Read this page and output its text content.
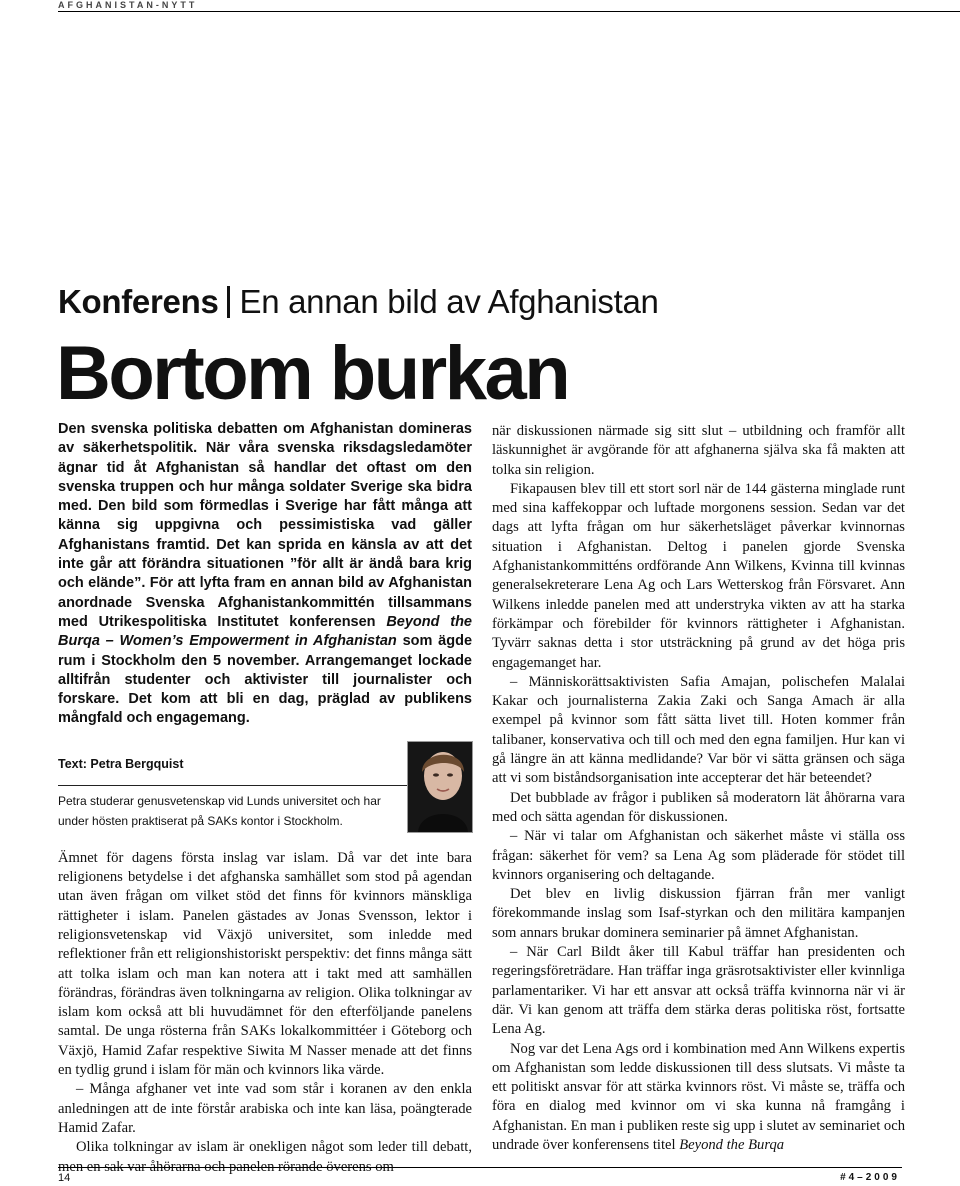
AFGHANISTAN-NYTT
Konferens En annan bild av Afghanistan
Bortom burkan

Den svenska politiska debatten om Afghanistan domineras av säkerhetspolitik. När våra svenska riksdagsledamöter ägnar tid åt Afghanistan så handlar det oftast om den svenska truppen och hur många soldater Sverige ska bidra med. Den bild som förmedlas i Sverige har fått många att känna sig uppgivna och pessimistiska vad gäller Afghanistans framtid. Det kan sprida en känsla av att det inte går att förändra situationen ”för allt är ändå bara krig och elände”. För att lyfta fram en annan bild av Afghanistan anordnade Svenska Afghanistankommittén tillsammans med Utrikespolitiska Institutet konferensen Beyond the Burqa – Women’s Empowerment in Afghanistan som ägde rum i Stockholm den 5 november. Arrangemanget lockade alltifrån studenter och aktivister till journalister och forskare. Det kom att bli en dag, präglad av publikens mångfald och engagemang.

Text: Petra Bergquist
Petra studerar genusvetenskap vid Lunds universitet och har under hösten praktiserat på SAKs kontor i Stockholm.

Ämnet för dagens första inslag var islam. Då var det inte bara religionens betydelse i det afghanska samhället som stod på agendan utan även frågan om vilket stöd det finns för kvinnors mänskliga rättigheter i islam. Panelen gästades av Jonas Svensson, lektor i religionsvetenskap vid Växjö universitet, som inledde med reflektioner från ett religionshistoriskt perspektiv: det finns många sätt att tolka islam och man kan notera att i takt med att samhällen förändras, förändras även tolkningarna av religion. Olika tolkningar av islam kom också att bli huvudämnet för den efterföljande panelens samtal. De unga rösterna från SAKs lokalkommittéer i Göteborg och Växjö, Hamid Zafar respektive Siwita M Nasser menade att det finns en tydlig grund i islam för män och kvinnors lika värde.

– Många afghaner vet inte vad som står i koranen av den enkla anledningen att de inte förstår arabiska och inte kan läsa, poängterade Hamid Zafar.

Olika tolkningar av islam är onekligen något som leder till debatt, men en sak var åhörarna och panelen rörande överens om

när diskussionen närmade sig sitt slut – utbildning och framför allt läskunnighet är avgörande för att afghanerna själva ska få makten att tolka sin religion.

Fikapausen blev till ett stort sorl när de 144 gästerna minglade runt med sina kaffekoppar och luftade morgonens session. Sedan var det dags att lyfta frågan om hur säkerhetsläget påverkar kvinnornas situation i Afghanistan. Deltog i panelen gjorde Svenska Afghanistankommitténs ordförande Ann Wilkens, Kvinna till kvinnas generalsekreterare Lena Ag och Lars Wetterskog från Försvaret. Ann Wilkens inledde panelen med att understryka vikten av att ha starka förkämpar och förebilder för kvinnors rättigheter i Afghanistan. Tyvärr saknas detta i stor utsträckning på grund av det höga pris engagemanget har.

– Människorättsaktivisten Safia Amajan, polischefen Malalai Kakar och journalisterna Zakia Zaki och Sanga Amach är alla exempel på kvinnor som fått sätta livet till. Hoten kommer från talibaner, konservativa och till och med den egna familjen. Hur kan vi gå längre än att känna medlidande? Var bör vi sätta gränsen och säga att vi som biståndsorganisation inte accepterar det här beteendet?

Det bubblade av frågor i publiken så moderatorn lät åhörarna vara med och sätta agendan för diskussionen.

– När vi talar om Afghanistan och säkerhet måste vi ställa oss frågan: säkerhet för vem? sa Lena Ag som pläderade för stödet till kvinnors organisering och deltagande.

Det blev en livlig diskussion fjärran från mer vanligt förekommande inslag som Isaf-styrkan och den militära kampanjen som annars brukar dominera seminarier på ämnet Afghanistan.

– När Carl Bildt åker till Kabul träffar han presidenten och regeringsföreträdare. Han träffar inga gräsrotsaktivister eller kvinnliga parlamentariker. Vi har ett ansvar att också träffa kvinnorna när vi är där. Vi kan genom att träffa dem stärka deras politiska röst, fortsatte Lena Ag.

Nog var det Lena Ags ord i kombination med Ann Wilkens expertis om Afghanistan som ledde diskussionen till dess slutsats. Vi måste ta ett politiskt ansvar för att stärka kvinnors röst. Vi måste se, träffa och föra en dialog med kvinnor om vi ska kunna nå framgång i Afghanistan. En man i publiken reste sig upp i slutet av seminariet och undrade över konferensens titel Beyond the Burqa

14	#4–2009
